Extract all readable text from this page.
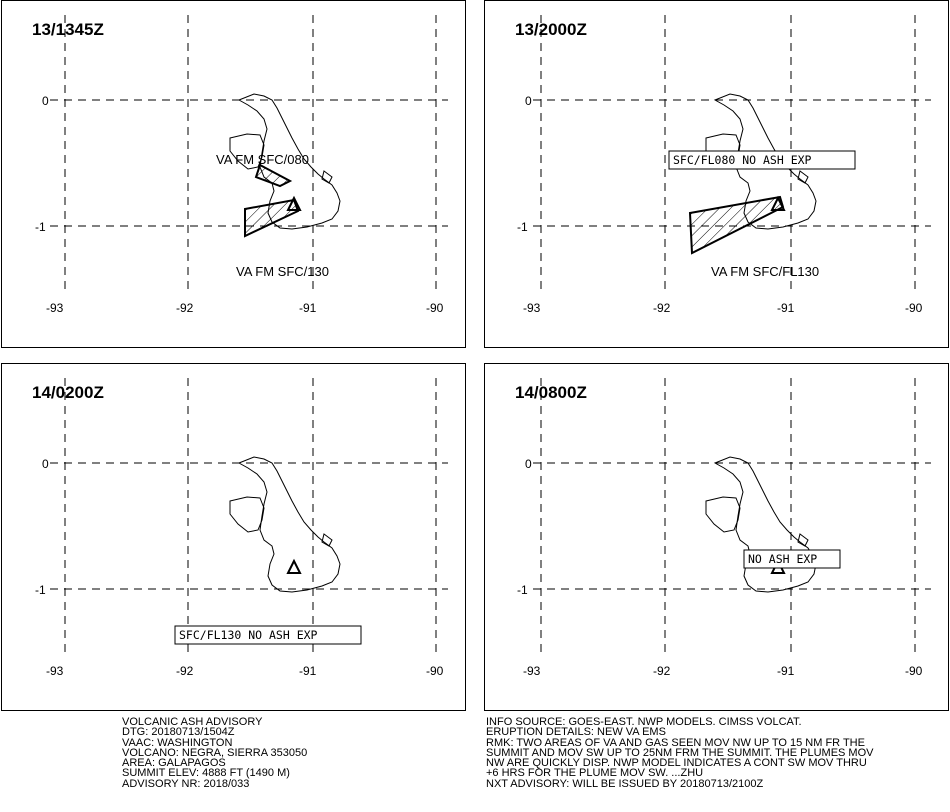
13/1345Z
0
-1
-93	-92	-91	-90
VA FM SFC/080
VA FM SFC/130
13/2000Z
0
-1
-93	-92	-91	-90
SFC/FL080 NO ASH EXP
VA FM SFC/FL130
14/0200Z
0
-1
-93	-92	-91	-90
SFC/FL130 NO ASH EXP
14/0800Z
0
-1
-93	-92	-91	-90
NO ASH EXP
VOLCANIC ASH ADVISORY
DTG: 20180713/1504Z
VAAC: WASHINGTON
VOLCANO: NEGRA, SIERRA 353050
AREA: GALAPAGOS
SUMMIT ELEV: 4888 FT (1490 M)
ADVISORY NR: 2018/033
INFO SOURCE: GOES-EAST. NWP MODELS. CIMSS VOLCAT.
ERUPTION DETAILS: NEW VA EMS
RMK: TWO AREAS OF VA AND GAS SEEN MOV NW UP TO 15 NM FR THE
SUMMIT AND MOV SW UP TO 25NM FRM THE SUMMIT. THE PLUMES MOV
NW ARE QUICKLY DISP. NWP MODEL INDICATES A CONT SW MOV THRU
+6 HRS FOR THE PLUME MOV SW. ...ZHU
NXT ADVISORY: WILL BE ISSUED BY 20180713/2100Z
